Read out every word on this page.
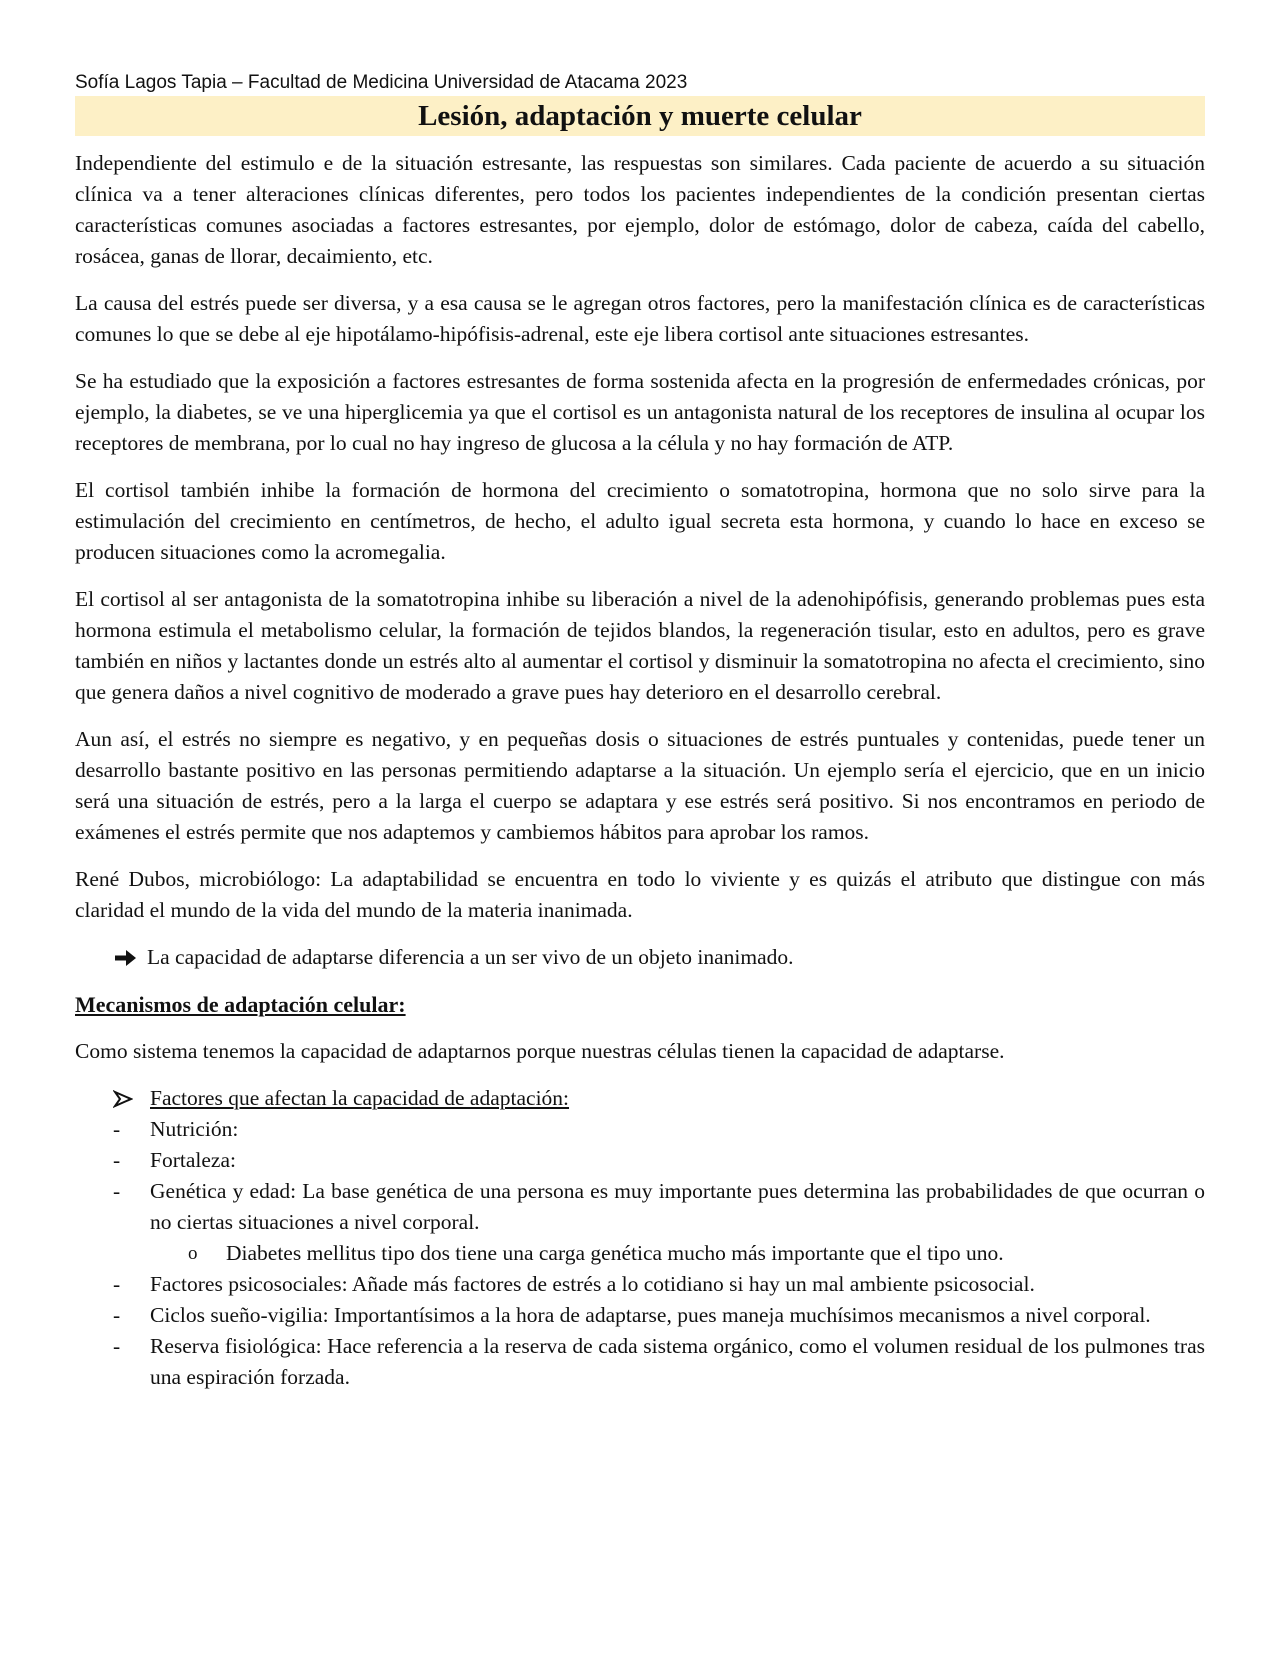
Sofía Lagos Tapia – Facultad de Medicina Universidad de Atacama 2023

Lesión, adaptación y muerte celular

Independiente del estimulo e de la situación estresante, las respuestas son similares. Cada paciente de acuerdo a su situación clínica va a tener alteraciones clínicas diferentes, pero todos los pacientes independientes de la condición presentan ciertas características comunes asociadas a factores estresantes, por ejemplo, dolor de estómago, dolor de cabeza, caída del cabello, rosácea, ganas de llorar, decaimiento, etc.

La causa del estrés puede ser diversa, y a esa causa se le agregan otros factores, pero la manifestación clínica es de características comunes lo que se debe al eje hipotálamo-hipófisis-adrenal, este eje libera cortisol ante situaciones estresantes.

Se ha estudiado que la exposición a factores estresantes de forma sostenida afecta en la progresión de enfermedades crónicas, por ejemplo, la diabetes, se ve una hiperglicemia ya que el cortisol es un antagonista natural de los receptores de insulina al ocupar los receptores de membrana, por lo cual no hay ingreso de glucosa a la célula y no hay formación de ATP.

El cortisol también inhibe la formación de hormona del crecimiento o somatotropina, hormona que no solo sirve para la estimulación del crecimiento en centímetros, de hecho, el adulto igual secreta esta hormona, y cuando lo hace en exceso se producen situaciones como la acromegalia.

El cortisol al ser antagonista de la somatotropina inhibe su liberación a nivel de la adenohipófisis, generando problemas pues esta hormona estimula el metabolismo celular, la formación de tejidos blandos, la regeneración tisular, esto en adultos, pero es grave también en niños y lactantes donde un estrés alto al aumentar el cortisol y disminuir la somatotropina no afecta el crecimiento, sino que genera daños a nivel cognitivo de moderado a grave pues hay deterioro en el desarrollo cerebral.

Aun así, el estrés no siempre es negativo, y en pequeñas dosis o situaciones de estrés puntuales y contenidas, puede tener un desarrollo bastante positivo en las personas permitiendo adaptarse a la situación. Un ejemplo sería el ejercicio, que en un inicio será una situación de estrés, pero a la larga el cuerpo se adaptara y ese estrés será positivo. Si nos encontramos en periodo de exámenes el estrés permite que nos adaptemos y cambiemos hábitos para aprobar los ramos.

René Dubos, microbiólogo: La adaptabilidad se encuentra en todo lo viviente y es quizás el atributo que distingue con más claridad el mundo de la vida del mundo de la materia inanimada.

La capacidad de adaptarse diferencia a un ser vivo de un objeto inanimado.
Mecanismos de adaptación celular:

Como sistema tenemos la capacidad de adaptarnos porque nuestras células tienen la capacidad de adaptarse.

Factores que afectan la capacidad de adaptación:
-	Nutrición:
-	Fortaleza:
-	Genética y edad: La base genética de una persona es muy importante pues determina las probabilidades de que ocurran o no ciertas situaciones a nivel corporal.
o	Diabetes mellitus tipo dos tiene una carga genética mucho más importante que el tipo uno.
-	Factores psicosociales: Añade más factores de estrés a lo cotidiano si hay un mal ambiente psicosocial.
-	Ciclos sueño-vigilia: Importantísimos a la hora de adaptarse, pues maneja muchísimos mecanismos a nivel corporal.
-	Reserva fisiológica: Hace referencia a la reserva de cada sistema orgánico, como el volumen residual de los pulmones tras una espiración forzada.
